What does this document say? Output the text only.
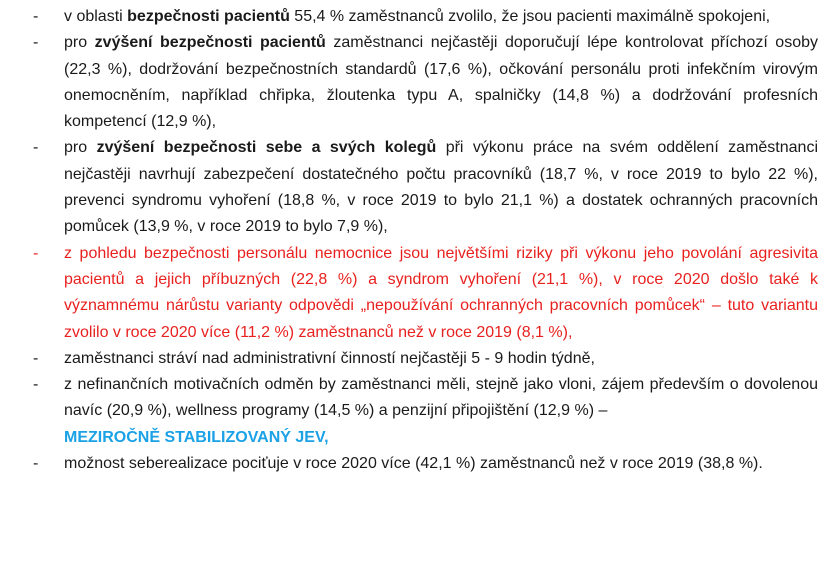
- v oblasti bezpečnosti pacientů 55,4 % zaměstnanců zvolilo, že jsou pacienti maximálně spokojeni,
- pro zvýšení bezpečnosti pacientů zaměstnanci nejčastěji doporučují lépe kontrolovat příchozí osoby (22,3 %), dodržování bezpečnostních standardů (17,6 %), očkování personálu proti infekčním virovým onemocněním, například chřipka, žloutenka typu A, spalničky (14,8 %) a dodržování profesních kompetencí (12,9 %),
- pro zvýšení bezpečnosti sebe a svých kolegů při výkonu práce na svém oddělení zaměstnanci nejčastěji navrhují zabezpečení dostatečného počtu pracovníků (18,7 %, v roce 2019 to bylo 22 %), prevenci syndromu vyhoření (18,8 %, v roce 2019 to bylo 21,1 %) a dostatek ochranných pracovních pomůcek (13,9 %, v roce 2019 to bylo 7,9 %),
- z pohledu bezpečnosti personálu nemocnice jsou největšími riziky při výkonu jeho povolání agresivita pacientů a jejich příbuzných (22,8 %) a syndrom vyhoření (21,1 %), v roce 2020 došlo také k významnému nárůstu varianty odpovědi „nepoužívání ochranných pracovních pomůcek“ – tuto variantu zvolilo v roce 2020 více (11,2 %) zaměstnanců než v roce 2019 (8,1 %),
- zaměstnanci stráví nad administrativní činností nejčastěji 5 - 9 hodin týdně,
- z nefinančních motivačních odměn by zaměstnanci měli, stejně jako vloni, zájem především o dovolenou navíc (20,9 %), wellness programy (14,5 %) a penzijní připojištění (12,9 %) –
MEZIROČNĚ STABILIZOVANÝ JEV,
- možnost seberealizace pociťuje v roce 2020 více (42,1 %) zaměstnanců než v roce 2019 (38,8 %).
